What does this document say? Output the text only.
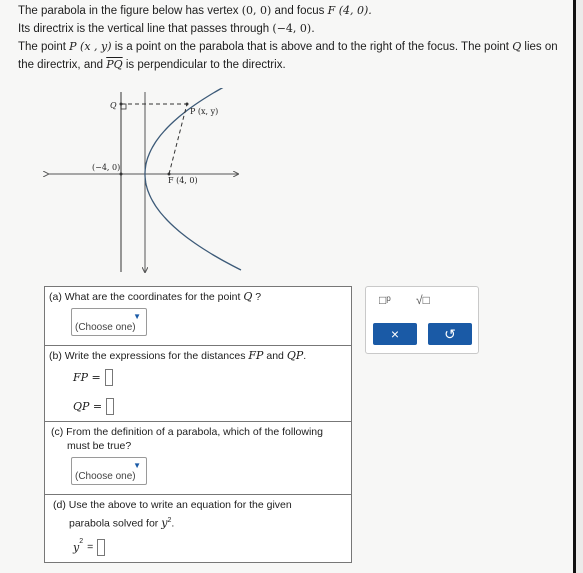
The parabola in the figure below has vertex (0, 0) and focus F (4, 0).

Its directrix is the vertical line that passes through (−4, 0).

The point P (x , y) is a point on the parabola that is above and to the right of the focus. The point Q lies on

the directrix, and $\overline{PQ}$ is perpendicular to the directrix.

Q
P (x, y)
(−4, 0)
F (4, 0)
(a) What are the coordinates for the point Q ?
▼
(Choose one)
(b) Write the expressions for the distances FP and QP.
FP =
QP =
(c) From the definition of a parabola, which of the following
must be true?
▼
(Choose one)
(d) Use the above to write an equation for the given
parabola solved for $y^2$.
$y^2$ =
□ᵖ √□
×	↺
